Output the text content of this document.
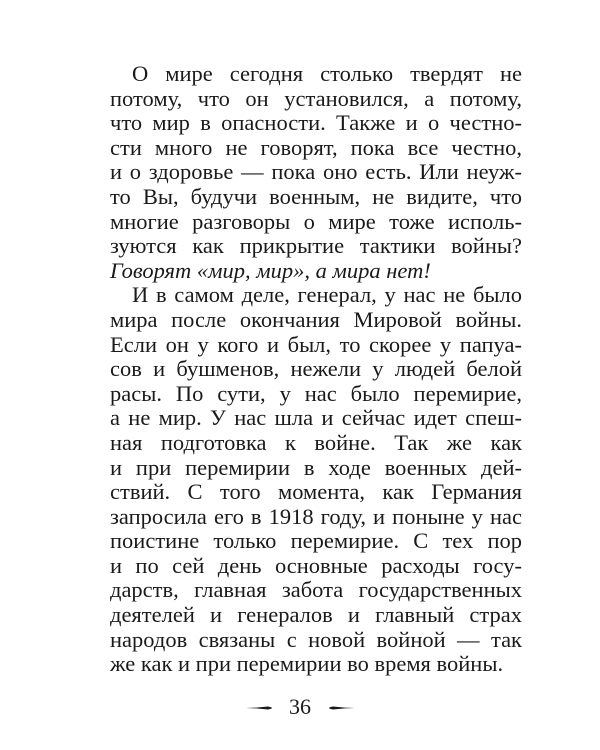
О мире сегодня столько твердят не
потому, что он установился, а потому,
что мир в опасности. Также и о честно-
сти много не говорят, пока все честно,
и о здоровье — пока оно есть. Или неуж-
то Вы, будучи военным, не видите, что
многие разговоры о мире тоже исполь-
зуются как прикрытие тактики войны?
Говорят «мир, мир», а мира нет!
И в самом деле, генерал, у нас не было
мира после окончания Мировой войны.
Если он у кого и был, то скорее у папуа-
сов и бушменов, нежели у людей белой
расы. По сути, у нас было перемирие,
а не мир. У нас шла и сейчас идет спеш-
ная подготовка к войне. Так же как
и при перемирии в ходе военных дей-
ствий. С того момента, как Германия
запросила его в 1918 году, и поныне у нас
поистине только перемирие. С тех пор
и по сей день основные расходы госу-
дарств, главная забота государственных
деятелей и генералов и главный страх
народов связаны с новой войной — так
же как и при перемирии во время войны.
36
